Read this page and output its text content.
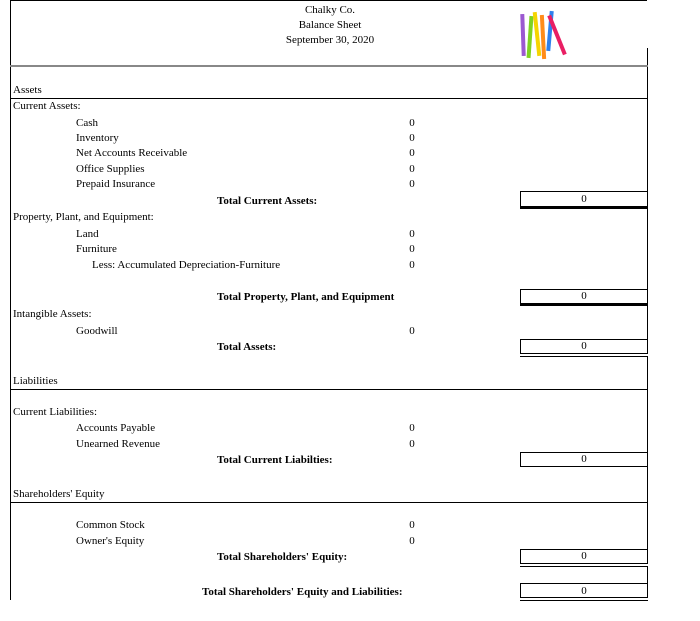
Chalky Co.
Balance Sheet
September 30, 2020
Assets
Current Assets:
Cash	0
Inventory	0
Net Accounts Receivable	0
Office Supplies	0
Prepaid Insurance	0
Total Current Assets:	0
Property, Plant, and Equipment:
Land	0
Furniture	0
Less: Accumulated Depreciation-Furniture	0
Total Property, Plant, and Equipment	0
Intangible Assets:
Goodwill	0
Total Assets:	0
Liabilities
Current Liabilities:
Accounts Payable	0
Unearned Revenue	0
Total Current Liabilties:	0
Shareholders' Equity
Common Stock	0
Owner's Equity	0
Total Shareholders' Equity:	0
Total Shareholders' Equity and Liabilities:	0
